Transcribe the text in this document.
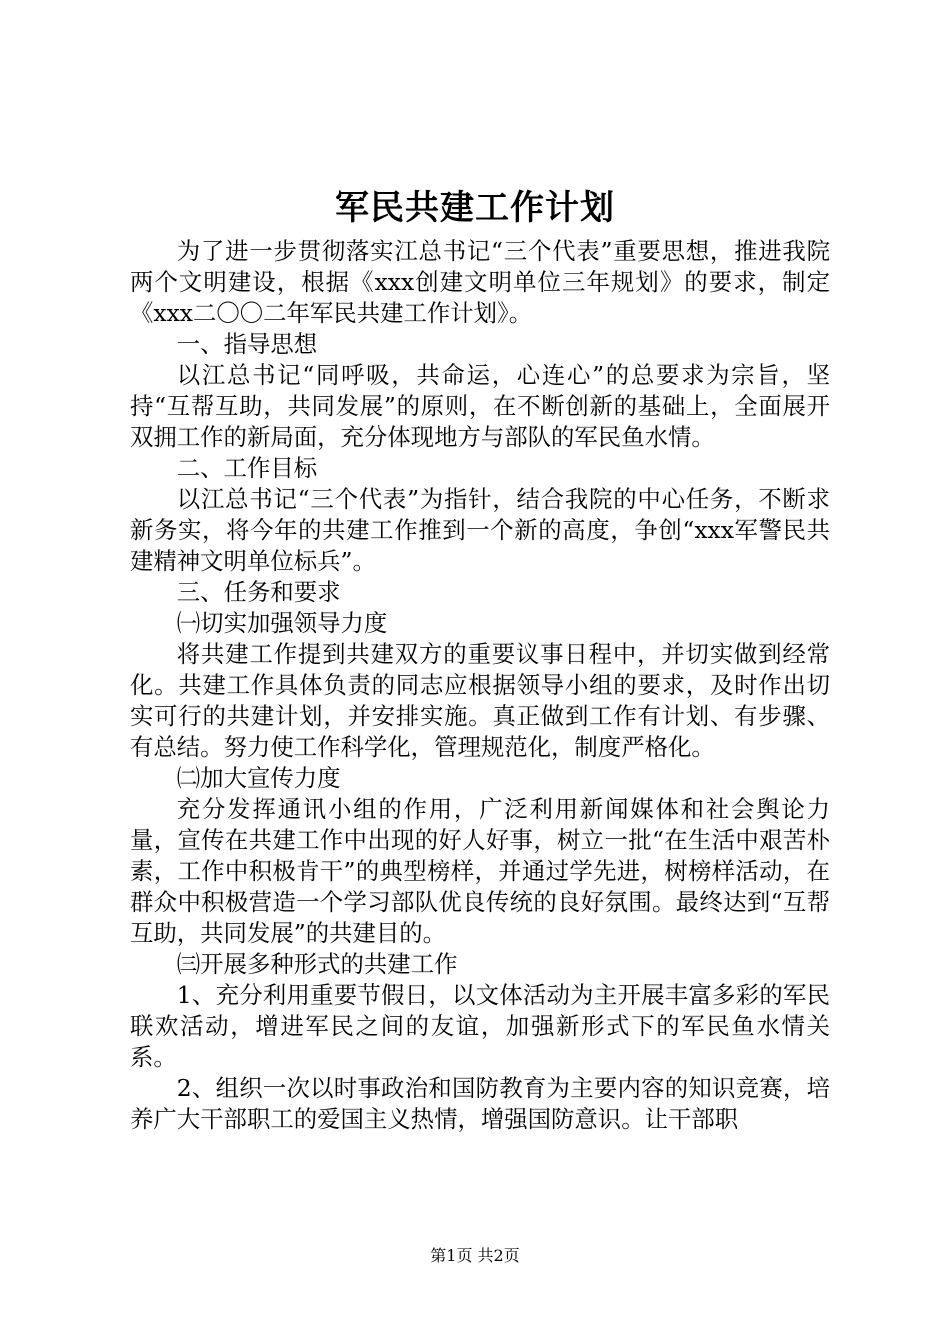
军民共建工作计划

为了进一步贯彻落实江总书记“三个代表”重要思想，推进我院两个文明建设，根据《xxx创建文明单位三年规划》的要求，制定《xxx二〇〇二年军民共建工作计划》。

一、指导思想

以江总书记“同呼吸，共命运，心连心”的总要求为宗旨，坚持“互帮互助，共同发展”的原则，在不断创新的基础上，全面展开双拥工作的新局面，充分体现地方与部队的军民鱼水情。

二、工作目标

以江总书记“三个代表”为指针，结合我院的中心任务，不断求新务实，将今年的共建工作推到一个新的高度，争创“xxx军警民共建精神文明单位标兵”。

三、任务和要求

㈠切实加强领导力度

将共建工作提到共建双方的重要议事日程中，并切实做到经常化。共建工作具体负责的同志应根据领导小组的要求，及时作出切实可行的共建计划，并安排实施。真正做到工作有计划、有步骤、有总结。努力使工作科学化，管理规范化，制度严格化。

㈡加大宣传力度

充分发挥通讯小组的作用，广泛利用新闻媒体和社会舆论力量，宣传在共建工作中出现的好人好事，树立一批“在生活中艰苦朴素，工作中积极肯干”的典型榜样，并通过学先进，树榜样活动，在群众中积极营造一个学习部队优良传统的良好氛围。最终达到“互帮互助，共同发展”的共建目的。

㈢开展多种形式的共建工作

1、充分利用重要节假日，以文体活动为主开展丰富多彩的军民联欢活动，增进军民之间的友谊，加强新形式下的军民鱼水情关系。

2、组织一次以时事政治和国防教育为主要内容的知识竞赛，培养广大干部职工的爱国主义热情，增强国防意识。让干部职

第1页 共2页
